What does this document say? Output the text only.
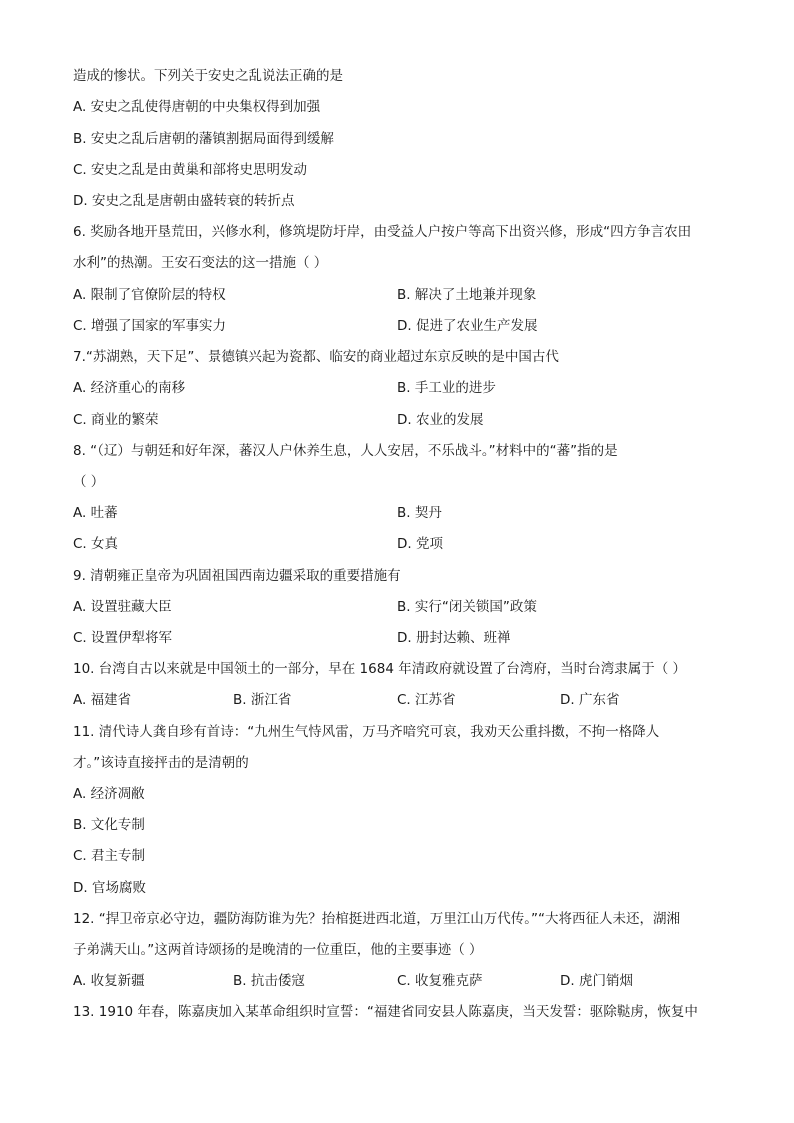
造成的惨状。下列关于安史之乱说法正确的是
A. 安史之乱使得唐朝的中央集权得到加强
B. 安史之乱后唐朝的藩镇割据局面得到缓解
C. 安史之乱是由黄巢和部将史思明发动
D. 安史之乱是唐朝由盛转衰的转折点
6. 奖励各地开垦荒田，兴修水利，修筑堤防圩岸，由受益人户按户等高下出资兴修，形成“四方争言农田
水利”的热潮。王安石变法的这一措施（ ）
A. 限制了官僚阶层的特权	B. 解决了土地兼并现象
C. 增强了国家的军事实力	D. 促进了农业生产发展
7.“苏湖熟，天下足”、景德镇兴起为瓷都、临安的商业超过东京反映的是中国古代
A. 经济重心的南移	B. 手工业的进步
C. 商业的繁荣	D. 农业的发展
8. “（辽）与朝廷和好年深，蕃汉人户休养生息，人人安居，不乐战斗。”材料中的“蕃”指的是
（ ）
A. 吐蕃	B. 契丹
C. 女真	D. 党项
9. 清朝雍正皇帝为巩固祖国西南边疆采取的重要措施有
A. 设置驻藏大臣	B. 实行“闭关锁国”政策
C. 设置伊犁将军	D. 册封达赖、班禅
10. 台湾自古以来就是中国领土的一部分，早在 1684 年清政府就设置了台湾府，当时台湾隶属于（ ）
A. 福建省	B. 浙江省	C. 江苏省	D. 广东省
11. 清代诗人龚自珍有首诗：“九州生气恃风雷，万马齐喑究可哀，我劝天公重抖擞，不拘一格降人
才。”该诗直接抨击的是清朝的
A. 经济凋敝
B. 文化专制
C. 君主专制
D. 官场腐败
12. “捍卫帝京必守边，疆防海防谁为先？抬棺挺进西北道，万里江山万代传。”“大将西征人未还，湖湘
子弟满天山。”这两首诗颂扬的是晚清的一位重臣，他的主要事迹（ ）
A. 收复新疆	B. 抗击倭寇	C. 收复雅克萨	D. 虎门销烟
13. 1910 年春，陈嘉庚加入某革命组织时宣誓：“福建省同安县人陈嘉庚，当天发誓：驱除鞑虏，恢复中
